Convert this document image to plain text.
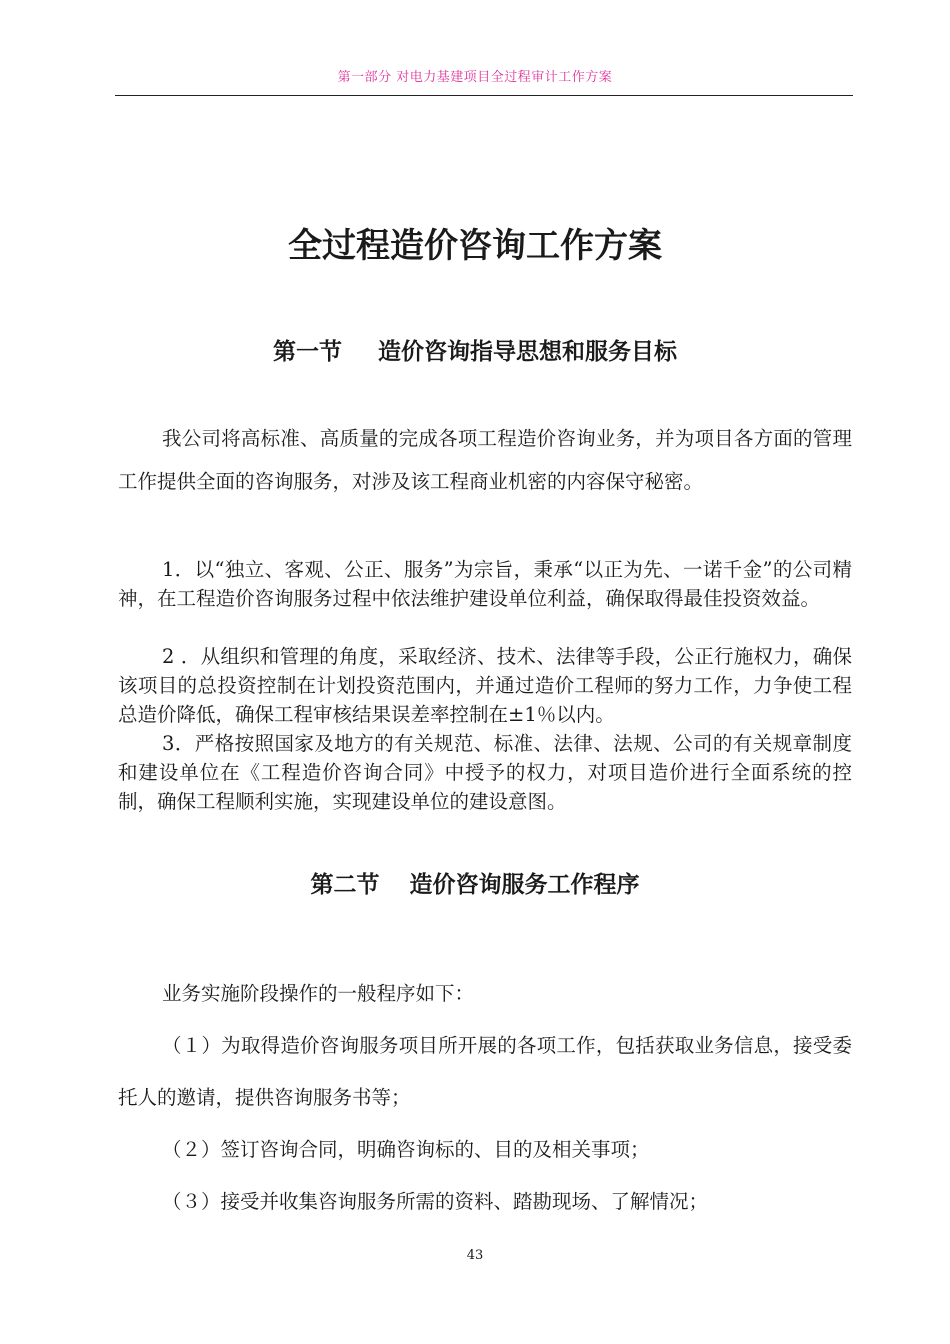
第一部分 对电力基建项目全过程审计工作方案
全过程造价咨询工作方案
第一节 造价咨询指导思想和服务目标
我公司将高标准、高质量的完成各项工程造价咨询业务，并为项目各方面的管理工作提供全面的咨询服务，对涉及该工程商业机密的内容保守秘密。
1．以“独立、客观、公正、服务”为宗旨，秉承“以正为先、一诺千金”的公司精神，在工程造价咨询服务过程中依法维护建设单位利益，确保取得最佳投资效益。
2 ．从组织和管理的角度，采取经济、技术、法律等手段，公正行施权力，确保该项目的总投资控制在计划投资范围内，并通过造价工程师的努力工作，力争使工程总造价降低，确保工程审核结果误差率控制在±1％以内。
3．严格按照国家及地方的有关规范、标准、法律、法规、公司的有关规章制度和建设单位在《工程造价咨询合同》中授予的权力，对项目造价进行全面系统的控制，确保工程顺利实施，实现建设单位的建设意图。
第二节 造价咨询服务工作程序
业务实施阶段操作的一般程序如下：
（１）为取得造价咨询服务项目所开展的各项工作，包括获取业务信息，接受委托人的邀请，提供咨询服务书等；
（２）签订咨询合同，明确咨询标的、目的及相关事项；
（３）接受并收集咨询服务所需的资料、踏勘现场、了解情况；
43
